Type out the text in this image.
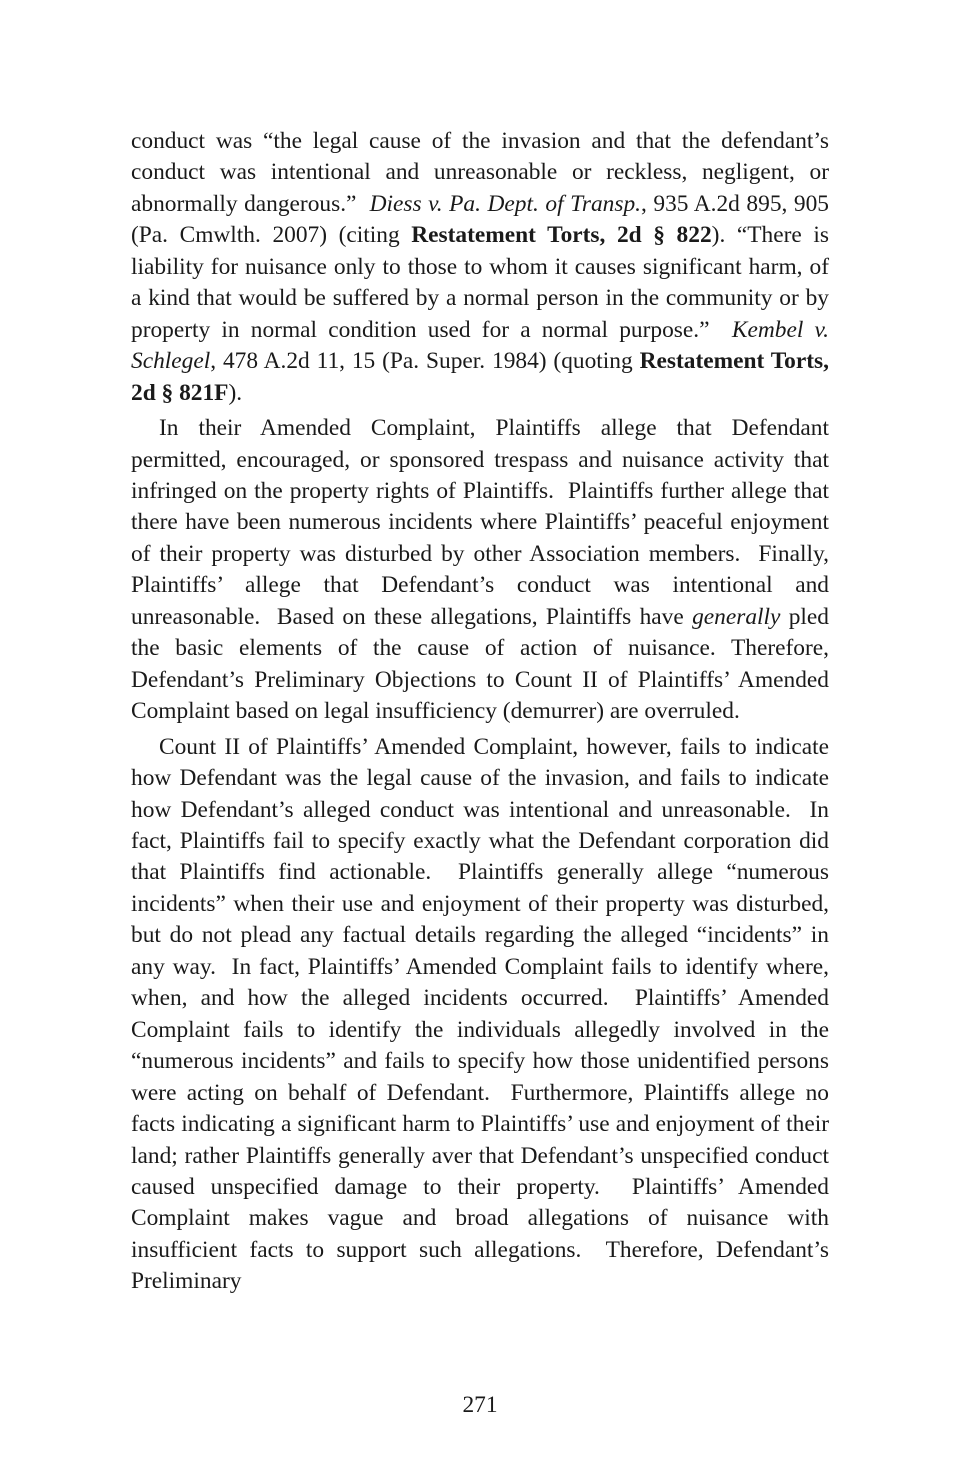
conduct was “the legal cause of the invasion and that the defendant’s conduct was intentional and unreasonable or reckless, negligent, or abnormally dangerous.”  Diess v. Pa. Dept. of Transp., 935 A.2d 895, 905 (Pa. Cmwlth. 2007) (citing Restatement Torts, 2d § 822). “There is liability for nuisance only to those to whom it causes significant harm, of a kind that would be suffered by a normal person in the community or by property in normal condition used for a normal purpose.”  Kembel v. Schlegel, 478 A.2d 11, 15 (Pa. Super. 1984) (quoting Restatement Torts, 2d § 821F).

In their Amended Complaint, Plaintiffs allege that Defendant permitted, encouraged, or sponsored trespass and nuisance activity that infringed on the property rights of Plaintiffs.  Plaintiffs further allege that there have been numerous incidents where Plaintiffs’ peaceful enjoyment of their property was disturbed by other Association members.  Finally, Plaintiffs’ allege that Defendant’s conduct was intentional and unreasonable.  Based on these allegations, Plaintiffs have generally pled the basic elements of the cause of action of nuisance. Therefore, Defendant’s Preliminary Objections to Count II of Plaintiffs’ Amended Complaint based on legal insufficiency (demurrer) are overruled.

Count II of Plaintiffs’ Amended Complaint, however, fails to indicate how Defendant was the legal cause of the invasion, and fails to indicate how Defendant’s alleged conduct was intentional and unreasonable.  In fact, Plaintiffs fail to specify exactly what the Defendant corporation did that Plaintiffs find actionable.  Plaintiffs generally allege “numerous incidents” when their use and enjoyment of their property was disturbed, but do not plead any factual details regarding the alleged “incidents” in any way.  In fact, Plaintiffs’ Amended Complaint fails to identify where, when, and how the alleged incidents occurred.  Plaintiffs’ Amended Complaint fails to identify the individuals allegedly involved in the “numerous incidents” and fails to specify how those unidentified persons were acting on behalf of Defendant.  Furthermore, Plaintiffs allege no facts indicating a significant harm to Plaintiffs’ use and enjoyment of their land; rather Plaintiffs generally aver that Defendant’s unspecified conduct caused unspecified damage to their property.  Plaintiffs’ Amended Complaint makes vague and broad allegations of nuisance with insufficient facts to support such allegations.  Therefore, Defendant’s Preliminary

271
